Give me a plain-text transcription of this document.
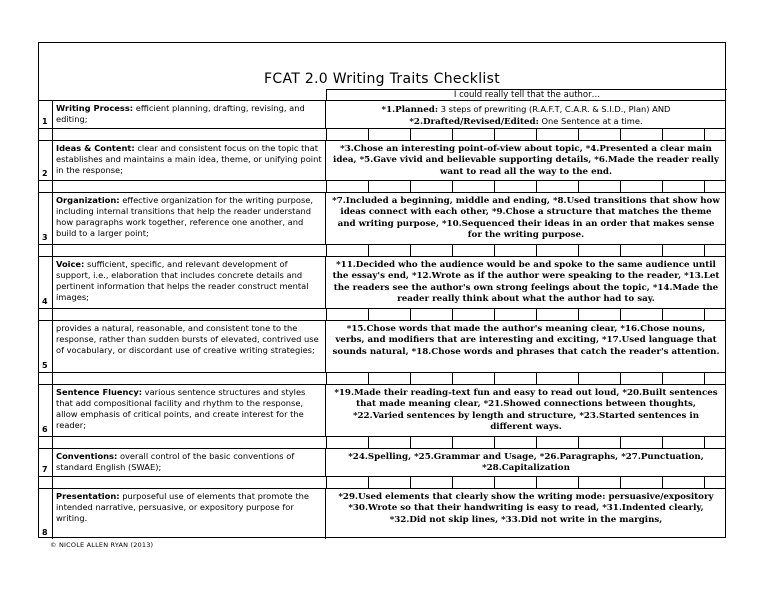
FCAT 2.0 Writing Traits Checklist
I could really tell that the author…
1
Writing Process: efficient planning, drafting, revising, and editing;
*1.Planned: 3 steps of prewriting (R.A.F.T, C.A.R. & S.I.D., Plan) AND
*2.Drafted/Revised/Edited: One Sentence at a time.
2
Ideas & Content: clear and consistent focus on the topic that establishes and maintains a main idea, theme, or unifying point in the response;
*3.Chose an interesting point-of-view about topic, *4.Presented a clear main idea, *5.Gave vivid and believable supporting details, *6.Made the reader really want to read all the way to the end.
3
Organization: effective organization for the writing purpose, including internal transitions that help the reader understand how paragraphs work together, reference one another, and build to a larger point;
*7.Included a beginning, middle and ending, *8.Used transitions that show how ideas connect with each other, *9.Chose a structure that matches the theme and writing purpose, *10.Sequenced their ideas in an order that makes sense for the writing purpose.
4
Voice: sufficient, specific, and relevant development of support, i.e., elaboration that includes concrete details and pertinent information that helps the reader construct mental images;
*11.Decided who the audience would be and spoke to the same audience until the essay's end, *12.Wrote as if the author were speaking to the reader, *13.Let the readers see the author's own strong feelings about the topic, *14.Made the reader really think about what the author had to say.
5
provides a natural, reasonable, and consistent tone to the response, rather than sudden bursts of elevated, contrived use of vocabulary, or discordant use of creative writing strategies;
*15.Chose words that made the author's meaning clear, *16.Chose nouns, verbs, and modifiers that are interesting and exciting, *17.Used language that sounds natural, *18.Chose words and phrases that catch the reader's attention.
6
Sentence Fluency: various sentence structures and styles that add compositional facility and rhythm to the response, allow emphasis of critical points, and create interest for the reader;
*19.Made their reading-text fun and easy to read out loud, *20.Built sentences that made meaning clear, *21.Showed connections between thoughts, *22.Varied sentences by length and structure, *23.Started sentences in different ways.
7
Conventions: overall control of the basic conventions of standard English (SWAE);
*24.Spelling, *25.Grammar and Usage, *26.Paragraphs, *27.Punctuation, *28.Capitalization
8
Presentation: purposeful use of elements that promote the intended narrative, persuasive, or expository purpose for writing.
*29.Used elements that clearly show the writing mode: persuasive/expository *30.Wrote so that their handwriting is easy to read, *31.Indented clearly, *32.Did not skip lines, *33.Did not write in the margins,
© NICOLE ALLEN RYAN (2013)
